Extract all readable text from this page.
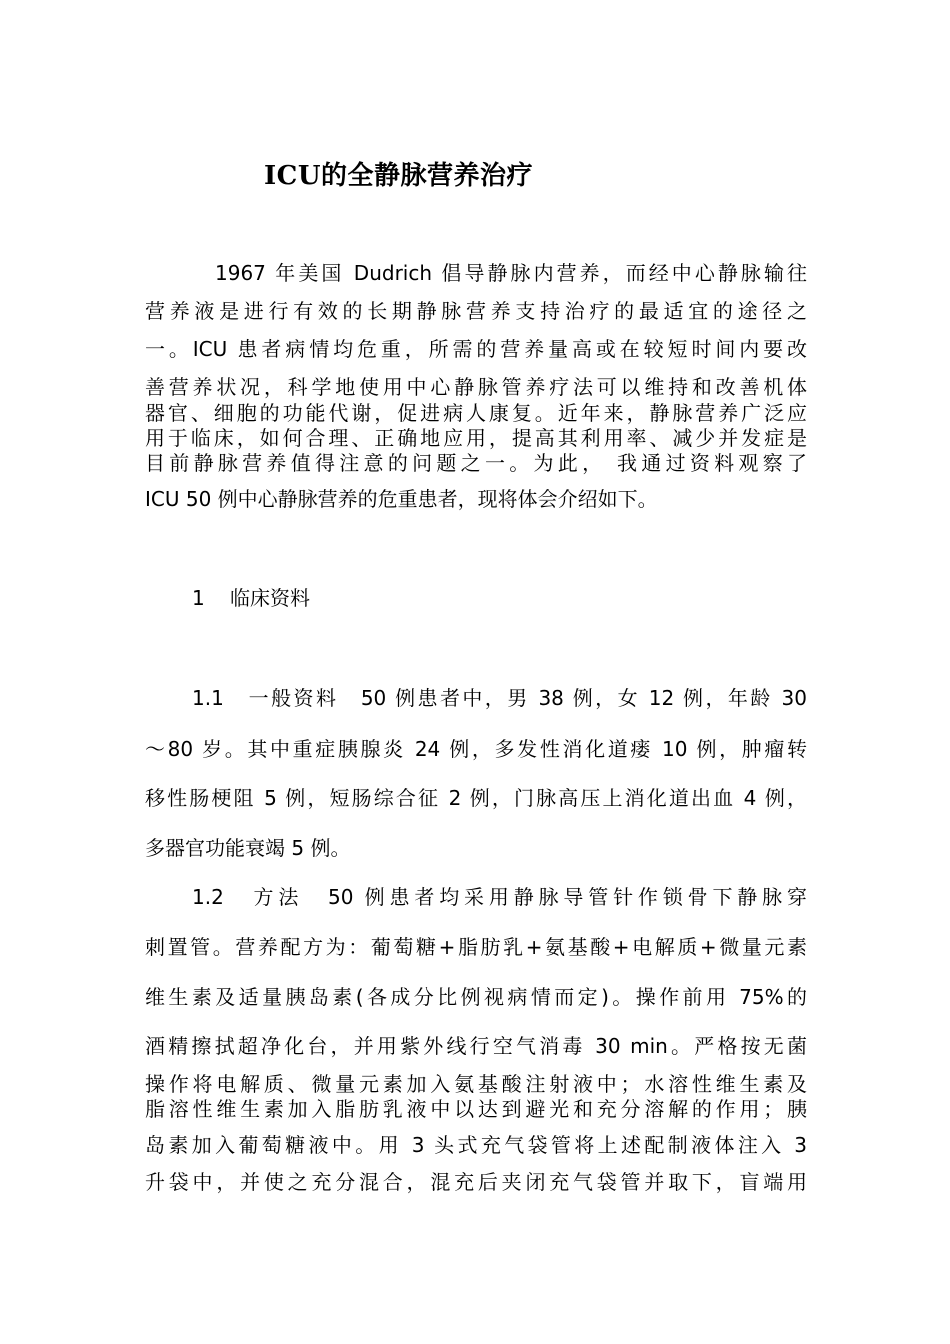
ICU的全静脉营养治疗
1967 年美国 Dudrich 倡导静脉内营养，而经中心静脉输往
营养液是进行有效的长期静脉营养支持治疗的最适宜的途径之
一。ICU 患者病情均危重，所需的营养量高或在较短时间内要改
善营养状况，科学地使用中心静脉管养疗法可以维持和改善机体
器官、细胞的功能代谢，促进病人康复。近年来，静脉营养广泛应
用于临床，如何合理、正确地应用，提高其利用率、减少并发症是
目前静脉营养值得注意的问题之一。为此， 我通过资料观察了
ICU 50 例中心静脉营养的危重患者，现将体会介绍如下。
1 临床资料
1.1　一般资料　50 例患者中，男 38 例，女 12 例，年龄 30
～80 岁。其中重症胰腺炎 24 例，多发性消化道瘘 10 例，肿瘤转
移性肠梗阻 5 例，短肠综合征 2 例，门脉高压上消化道出血 4 例，
多器官功能衰竭 5 例。
1.2　方法　50 例患者均采用静脉导管针作锁骨下静脉穿
刺置管。营养配方为：葡萄糖+脂肪乳+氨基酸+电解质+微量元素
维生素及适量胰岛素(各成分比例视病情而定)。操作前用 75%的
酒精擦拭超净化台，并用紫外线行空气消毒 30 min。严格按无菌
操作将电解质、微量元素加入氨基酸注射液中；水溶性维生素及
脂溶性维生素加入脂肪乳液中以达到避光和充分溶解的作用；胰
岛素加入葡萄糖液中。用 3 头式充气袋管将上述配制液体注入 3
升袋中，并使之充分混合，混充后夹闭充气袋管并取下，盲端用
